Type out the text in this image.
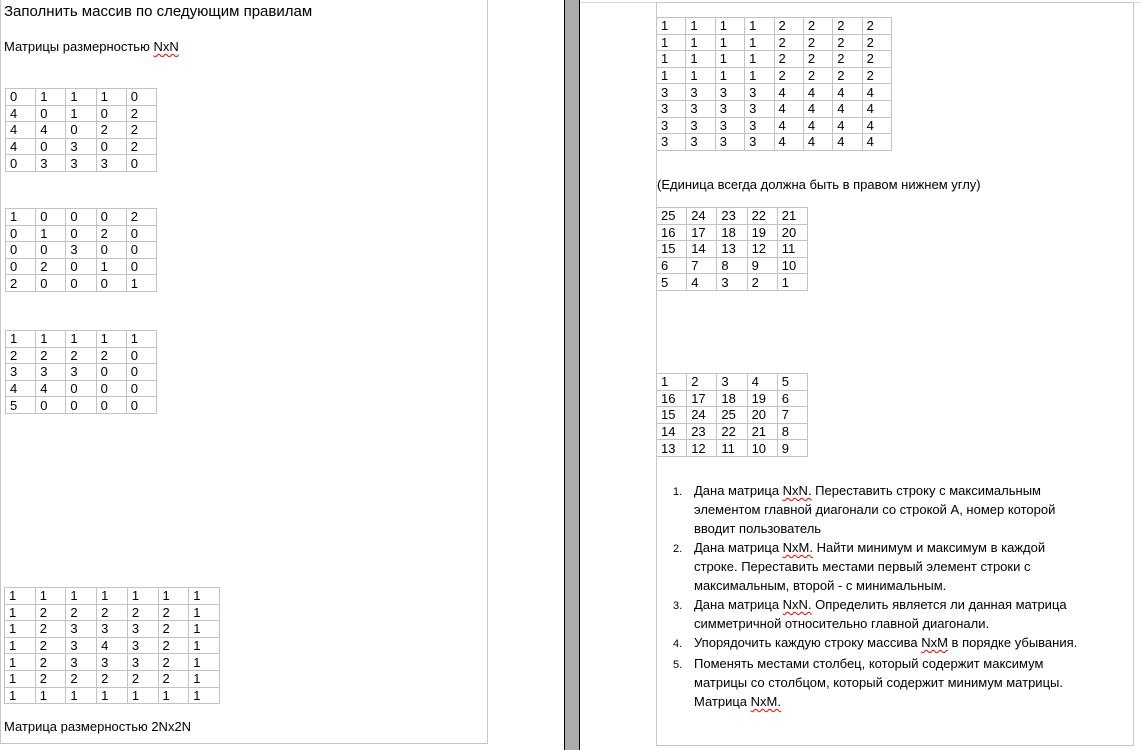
Заполнить массив по следующим правилам
Матрицы размерностью NxN
0	1	1	1	0
4	0	1	0	2
4	4	0	2	2
4	0	3	0	2
0	3	3	3	0
1	0	0	0	2
0	1	0	2	0
0	0	3	0	0
0	2	0	1	0
2	0	0	0	1
1	1	1	1	1
2	2	2	2	0
3	3	3	0	0
4	4	0	0	0
5	0	0	0	0
1	1	1	1	1	1	1
1	2	2	2	2	2	1
1	2	3	3	3	2	1
1	2	3	4	3	2	1
1	2	3	3	3	2	1
1	2	2	2	2	2	1
1	1	1	1	1	1	1
Матрица размерностью 2Nx2N
1	1	1	1	2	2	2	2
1	1	1	1	2	2	2	2
1	1	1	1	2	2	2	2
1	1	1	1	2	2	2	2
3	3	3	3	4	4	4	4
3	3	3	3	4	4	4	4
3	3	3	3	4	4	4	4
3	3	3	3	4	4	4	4
(Единица всегда должна быть в правом нижнем углу)
25	24	23	22	21
16	17	18	19	20
15	14	13	12	11
6	7	8	9	10
5	4	3	2	1
1	2	3	4	5
16	17	18	19	6
15	24	25	20	7
14	23	22	21	8
13	12	11	10	9
1. Дана матрица NxN. Переставить строку с максимальным
элементом главной диагонали со строкой А, номер которой
вводит пользователь
2. Дана матрица NxM. Найти минимум и максимум в каждой
строке. Переставить местами первый элемент строки с
максимальным, второй - с минимальным.
3. Дана матрица NxN. Определить является ли данная матрица
симметричной относительно главной диагонали.
4. Упорядочить каждую строку массива NxM в порядке убывания.
5. Поменять местами столбец, который содержит максимум
матрицы со столбцом, который содержит минимум матрицы.
Матрица NxM.
